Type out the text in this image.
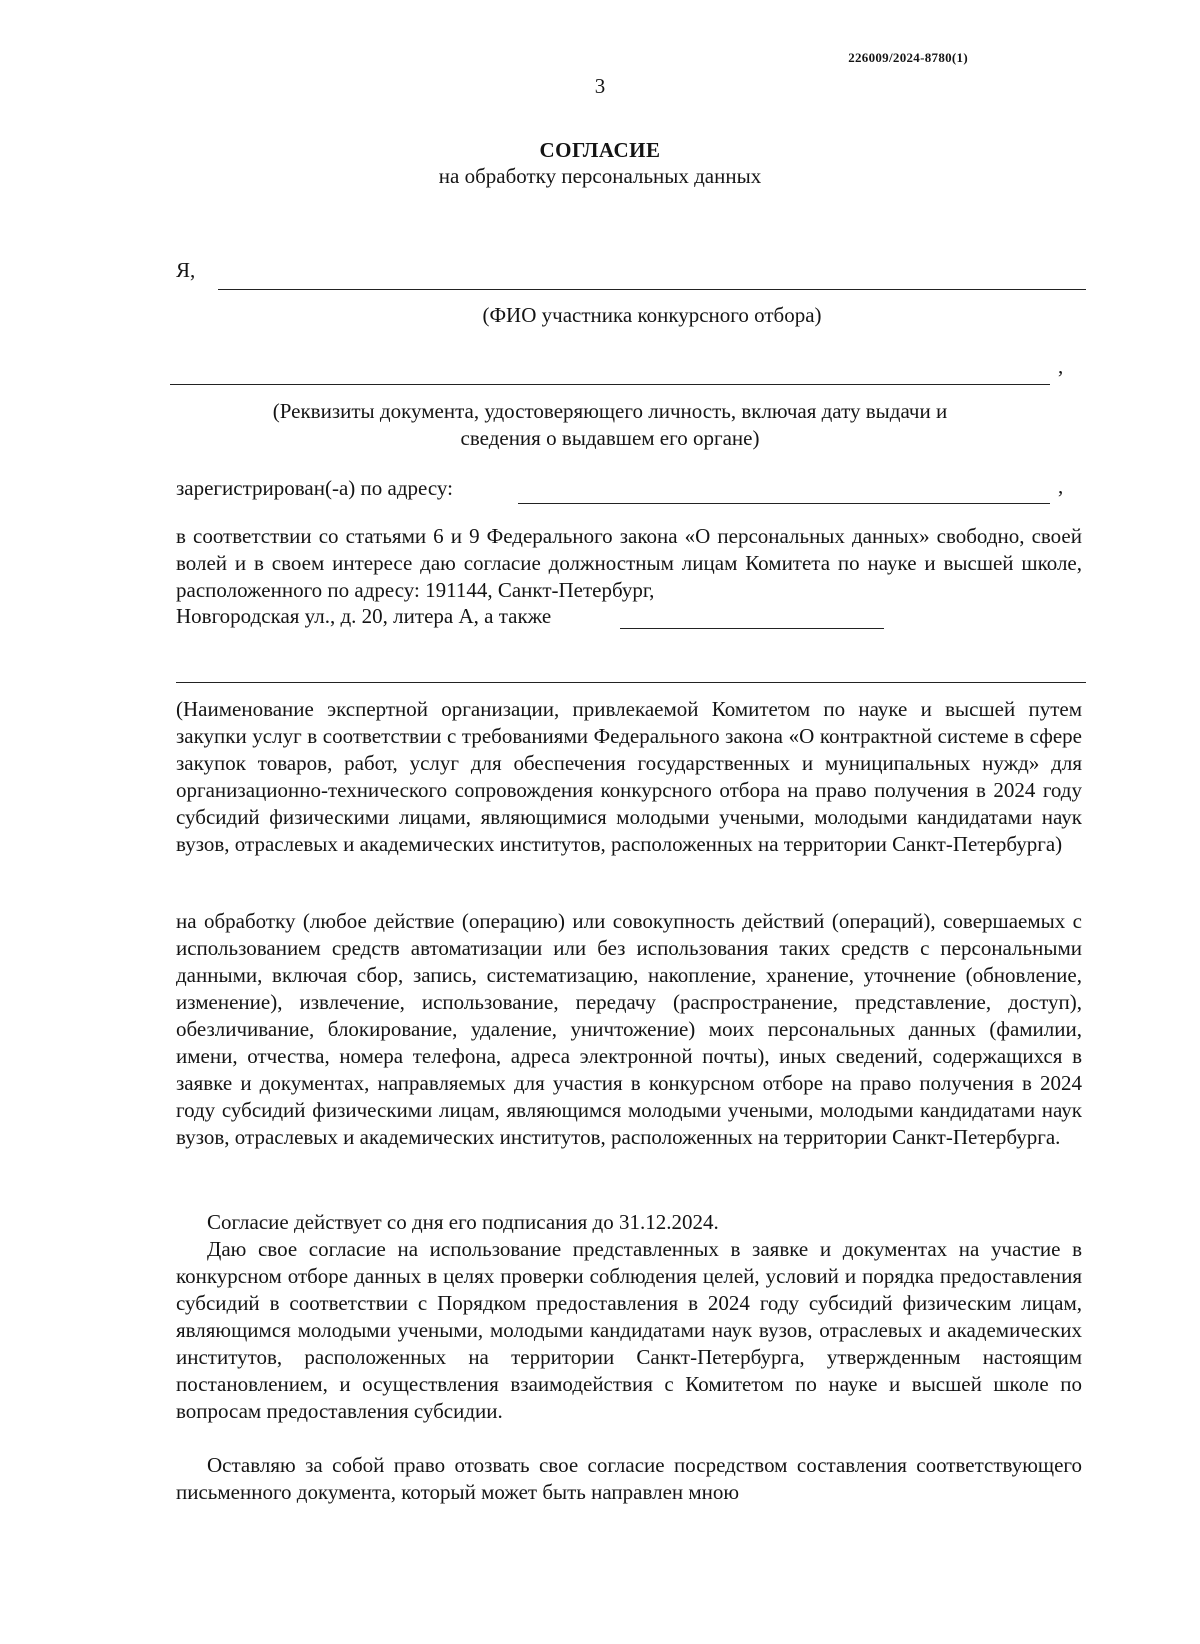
226009/2024-8780(1)
3
СОГЛАСИЕ
на обработку персональных данных
Я,
(ФИО участника конкурсного отбора)
,
(Реквизиты документа, удостоверяющего личность, включая дату выдачи и
сведения о выдавшем его органе)
зарегистрирован(-а) по адресу:	,
в соответствии со статьями 6 и 9 Федерального закона «О персональных данных» свободно, своей волей и в своем интересе даю согласие должностным лицам Комитета по науке и высшей школе, расположенного по адресу: 191144, Санкт-Петербург,
Новгородская ул., д. 20, литера А, а также
(Наименование экспертной организации, привлекаемой Комитетом по науке и высшей путем закупки услуг в соответствии с требованиями Федерального закона «О контрактной системе в сфере закупок товаров, работ, услуг для обеспечения государственных и муниципальных нужд» для организационно-технического сопровождения конкурсного отбора на право получения в 2024 году субсидий физическими лицами, являющимися молодыми учеными, молодыми кандидатами наук вузов, отраслевых и академических институтов, расположенных на территории Санкт-Петербурга)
на обработку (любое действие (операцию) или совокупность действий (операций), совершаемых с использованием средств автоматизации или без использования таких средств с персональными данными, включая сбор, запись, систематизацию, накопление, хранение, уточнение (обновление, изменение), извлечение, использование, передачу (распространение, представление, доступ), обезличивание, блокирование, удаление, уничтожение) моих персональных данных (фамилии, имени, отчества, номера телефона, адреса электронной почты), иных сведений, содержащихся в заявке и документах, направляемых для участия в конкурсном отборе на право получения в 2024 году субсидий физическими лицам, являющимся молодыми учеными, молодыми кандидатами наук вузов, отраслевых и академических институтов, расположенных на территории Санкт-Петербурга.
Согласие действует со дня его подписания до 31.12.2024.
Даю свое согласие на использование представленных в заявке и документах на участие в конкурсном отборе данных в целях проверки соблюдения целей, условий и порядка предоставления субсидий в соответствии с Порядком предоставления в 2024 году субсидий физическим лицам, являющимся молодыми учеными, молодыми кандидатами наук вузов, отраслевых и академических институтов, расположенных на территории Санкт-Петербурга, утвержденным настоящим постановлением, и осуществления взаимодействия с Комитетом по науке и высшей школе по вопросам предоставления субсидии.
Оставляю за собой право отозвать свое согласие посредством составления соответствующего письменного документа, который может быть направлен мною
